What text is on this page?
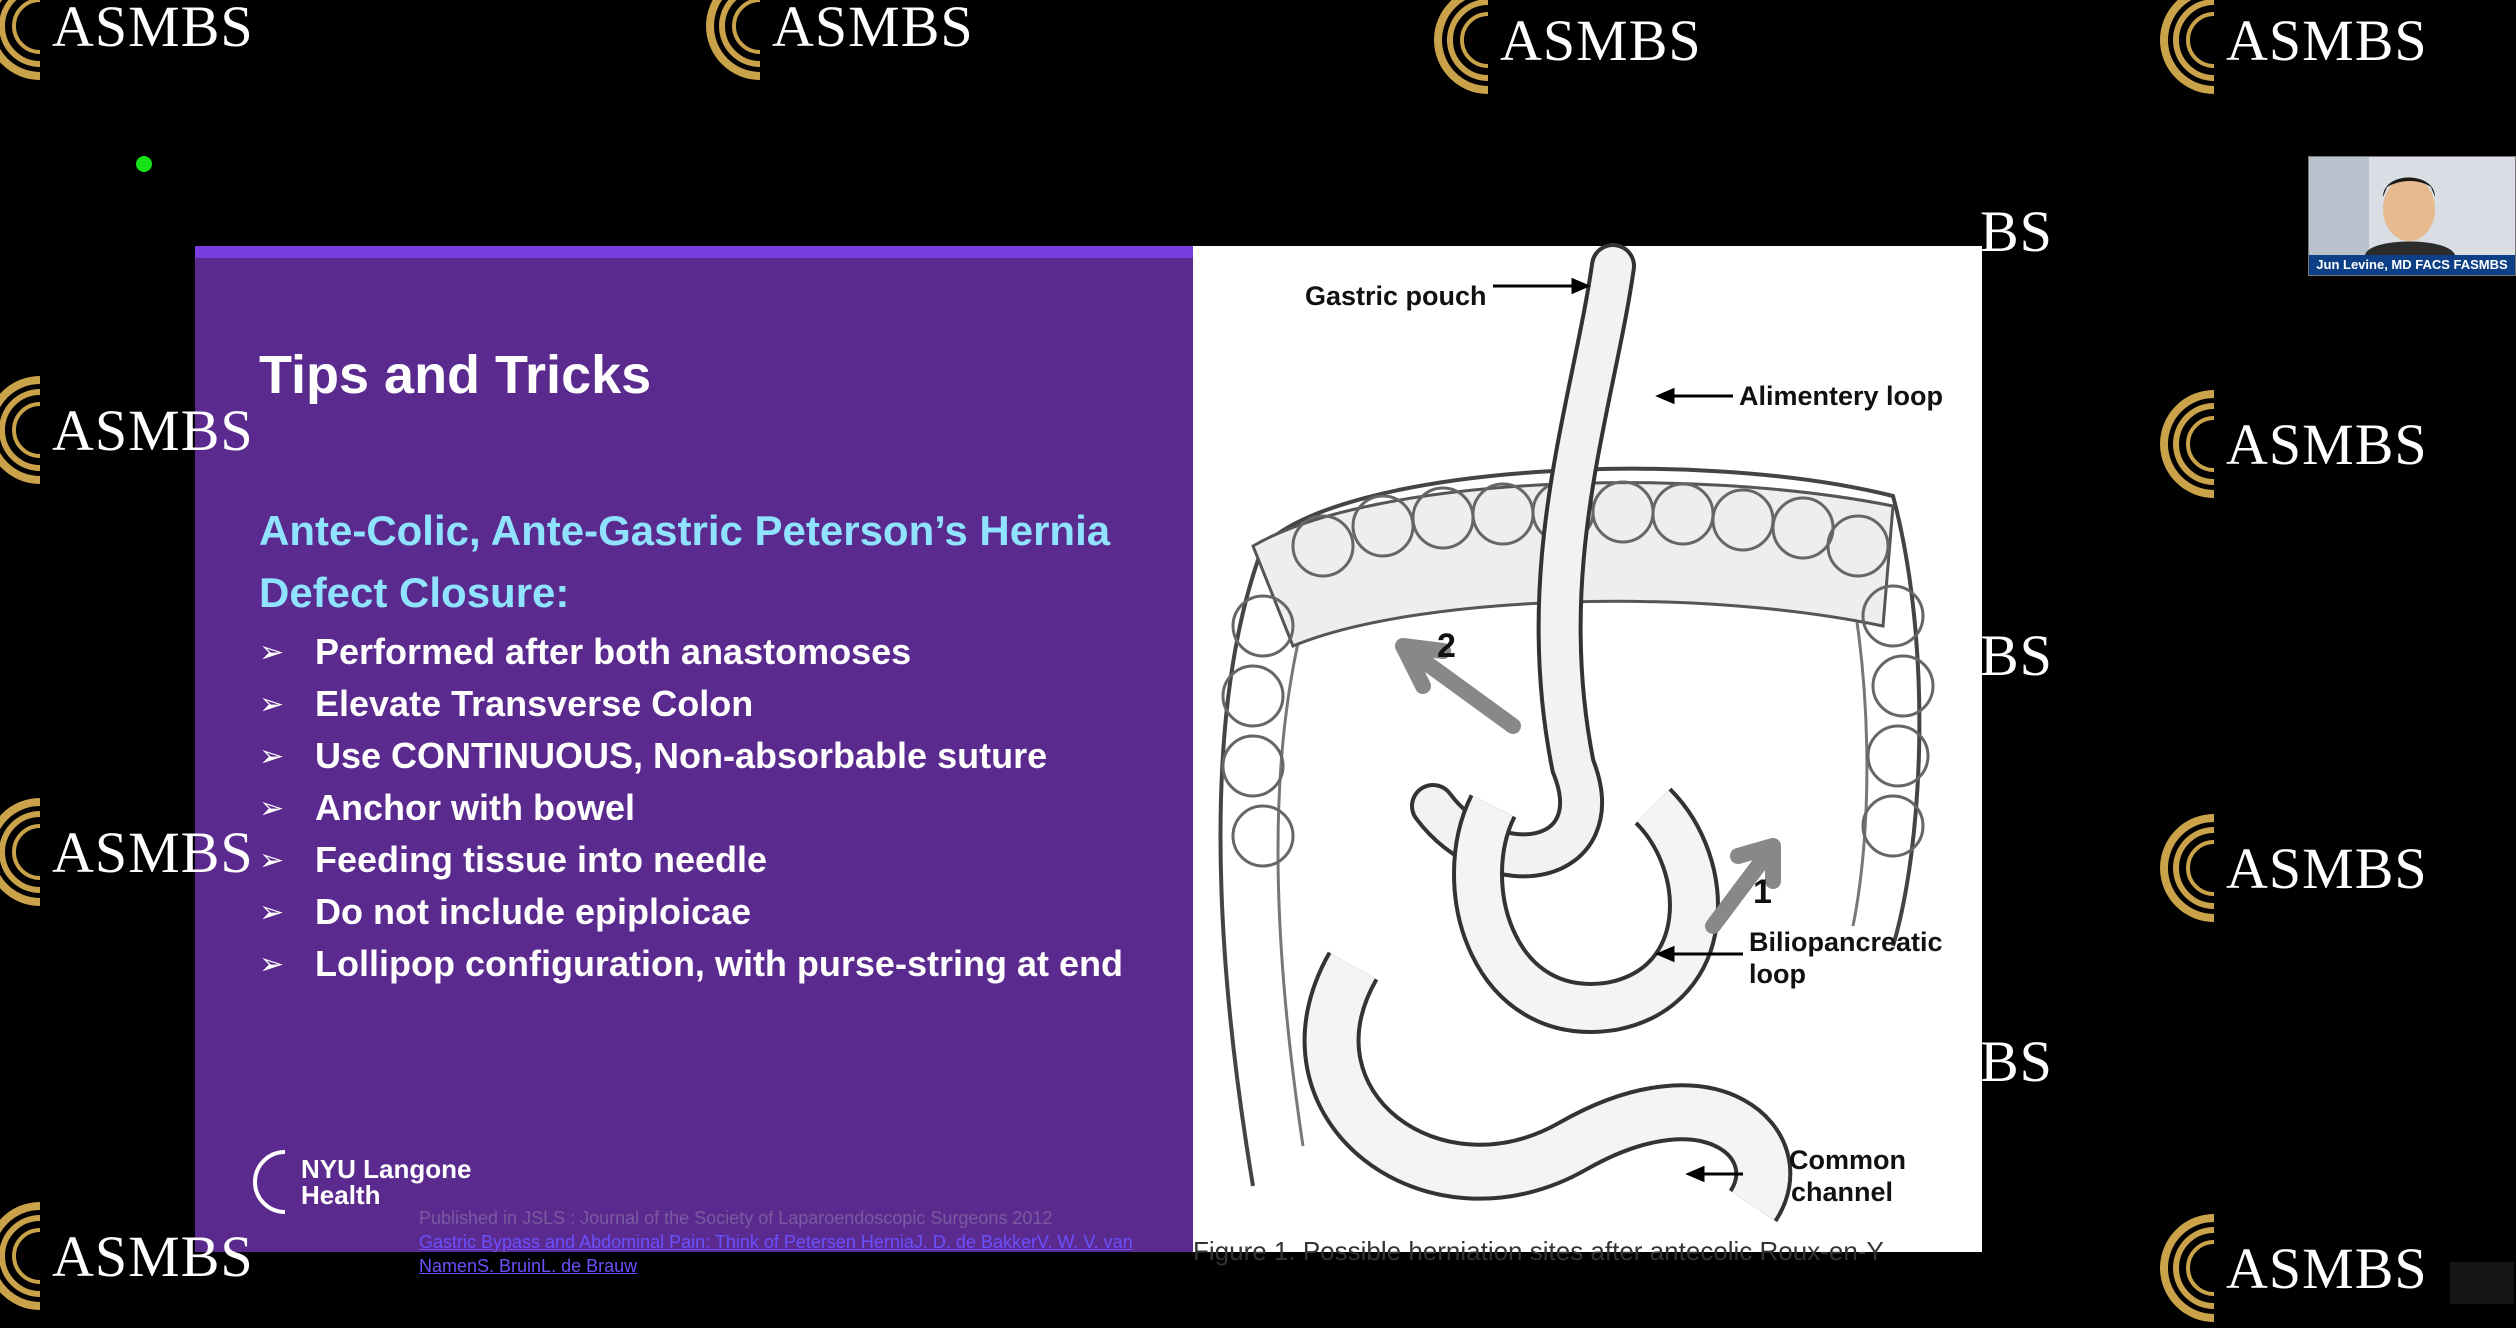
ASMBS	ASMBS	ASMBS	ASMBS
ASMBS
ASMBS
ASMBS
ASMBS
ASMBS
ASMBS
BS
BS
BS
Tips and Tricks
Ante-Colic, Ante-Gastric Peterson’s Hernia Defect Closure:
➢ Performed after both anastomoses
➢ Elevate Transverse Colon
➢ Use CONTINUOUS, Non-absorbable suture
➢ Anchor with bowel
➢ Feeding tissue into needle
➢ Do not include epiploicae
➢ Lollipop configuration, with purse-string at end
NYU Langone
Health
Published in JSLS : Journal of the Society of Laparoendoscopic Surgeons 2012
Gastric Bypass and Abdominal Pain: Think of Petersen HerniaJ. D. de BakkerV. W. V. van NamenS. BruinL. de Brauw
Gastric pouch
Alimentery loop
2
1
Biliopancreatic
loop
Common
channel
Figure 1. Possible herniation sites after antecolic Roux-en-Y
Jun Levine, MD FACS FASMBS
